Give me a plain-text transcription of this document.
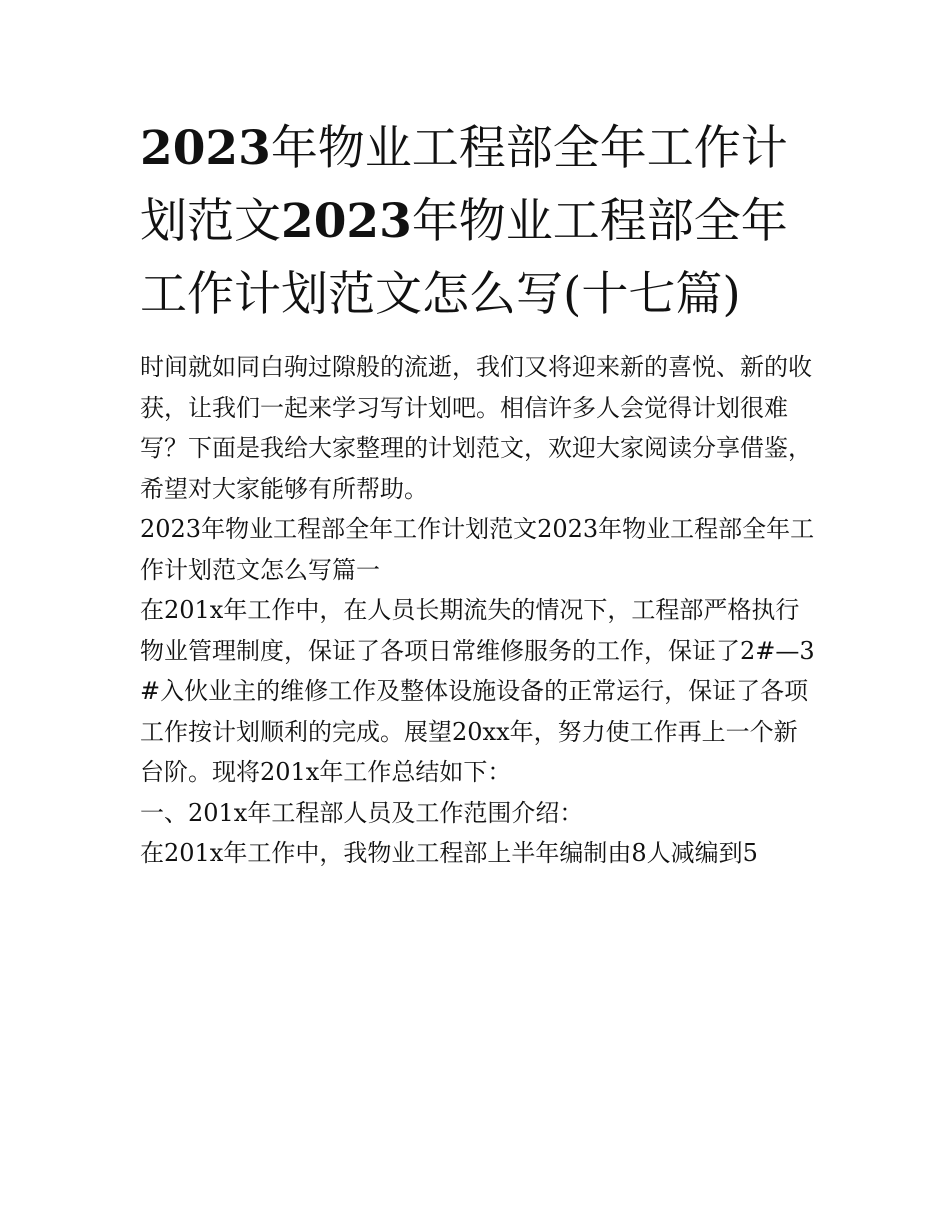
2023年物业工程部全年工作计划范文2023年物业工程部全年工作计划范文怎么写(十七篇)

时间就如同白驹过隙般的流逝，我们又将迎来新的喜悦、新的收获，让我们一起来学习写计划吧。相信许多人会觉得计划很难写？下面是我给大家整理的计划范文，欢迎大家阅读分享借鉴，希望对大家能够有所帮助。

2023年物业工程部全年工作计划范文2023年物业工程部全年工作计划范文怎么写篇一

在201x年工作中，在人员长期流失的情况下，工程部严格执行物业管理制度，保证了各项日常维修服务的工作，保证了2#—3#入伙业主的维修工作及整体设施设备的正常运行，保证了各项工作按计划顺利的完成。展望20xx年，努力使工作再上一个新台阶。现将201x年工作总结如下：

一、201x年工程部人员及工作范围介绍：

在201x年工作中，我物业工程部上半年编制由8人减编到5
